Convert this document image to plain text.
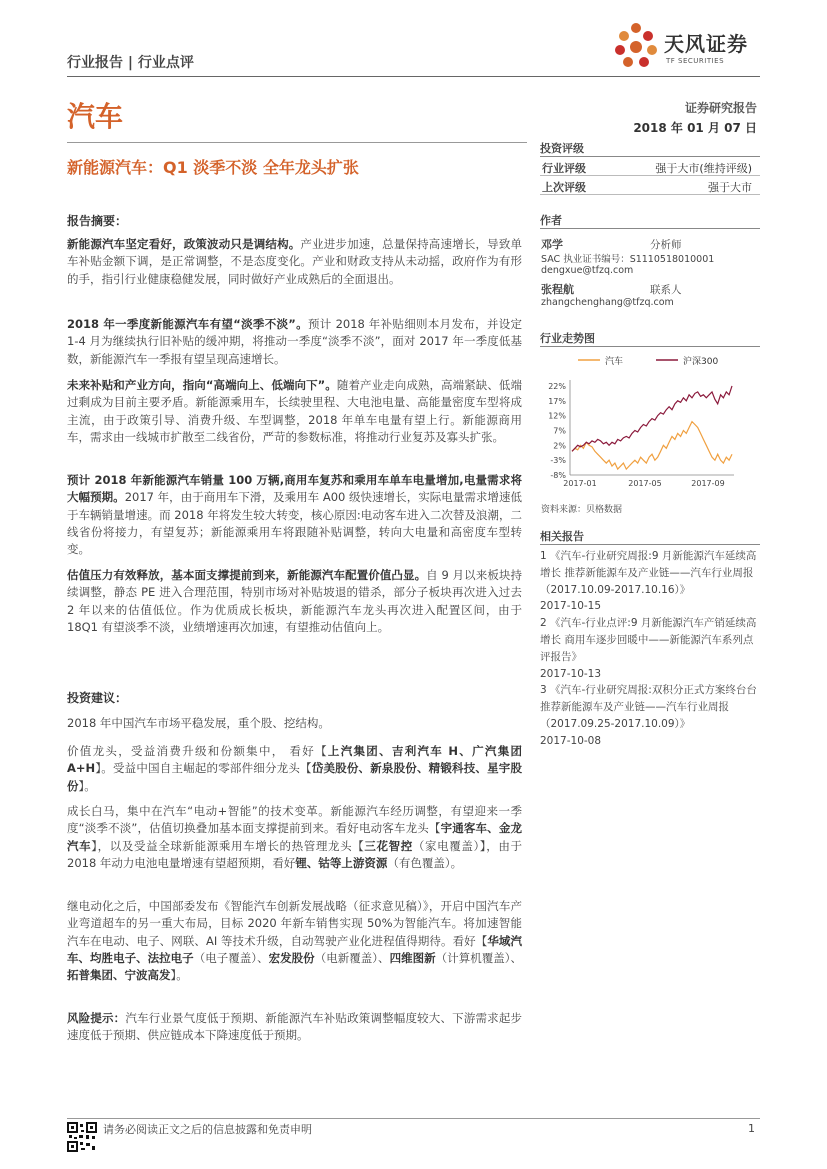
天风证券
TF SECURITIES
行业报告 | 行业点评
汽车	证券研究报告
2018 年 01 月 07 日
新能源汽车：Q1 淡季不淡 全年龙头扩张
报告摘要：
新能源汽车坚定看好，政策波动只是调结构。产业进步加速，总量保持高速增长，导致单车补贴金额下调，是正常调整，不是态度变化。产业和财政支持从未动摇，政府作为有形的手，指引行业健康稳健发展，同时做好产业成熟后的全面退出。
2018 年一季度新能源汽车有望“淡季不淡”。预计 2018 年补贴细则本月发布，并设定 1-4 月为继续执行旧补贴的缓冲期，将推动一季度“淡季不淡”，面对 2017 年一季度低基数，新能源汽车一季报有望呈现高速增长。
未来补贴和产业方向，指向“高端向上、低端向下”。随着产业走向成熟，高端紧缺、低端过剩成为目前主要矛盾。新能源乘用车，长续驶里程、大电池电量、高能量密度车型将成主流，由于政策引导、消费升级、车型调整，2018 年单车电量有望上行。新能源商用车，需求由一线城市扩散至二线省份，严苛的参数标准，将推动行业复苏及寡头扩张。
预计 2018 年新能源汽车销量 100 万辆,商用车复苏和乘用车单车电量增加,电量需求将大幅预期。2017 年，由于商用车下滑，及乘用车 A00 级快速增长，实际电量需求增速低于车辆销量增速。而 2018 年将发生较大转变，核心原因:电动客车进入二次替及浪潮，二线省份将接力，有望复苏；新能源乘用车将跟随补贴调整，转向大电量和高密度车型转变。
估值压力有效释放，基本面支撑提前到来，新能源汽车配置价值凸显。自 9 月以来板块持续调整，静态 PE 进入合理范围，特别市场对补贴坡退的错杀，部分子板块再次进入过去 2 年以来的估值低位。作为优质成长板块，新能源汽车龙头再次进入配置区间，由于 18Q1 有望淡季不淡，业绩增速再次加速，有望推动估值向上。
投资建议：
2018 年中国汽车市场平稳发展，重个股、挖结构。
价值龙头，受益消费升级和份额集中， 看好【上汽集团、吉利汽车 H、广汽集团 A+H】。受益中国自主崛起的零部件细分龙头【岱美股份、新泉股份、精锻科技、星宇股份】。
成长白马，集中在汽车“电动+智能”的技术变革。新能源汽车经历调整，有望迎来一季度“淡季不淡”，估值切换叠加基本面支撑提前到来。看好电动客车龙头【宇通客车、金龙汽车】，以及受益全球新能源乘用车增长的热管理龙头【三花智控（家电覆盖）】，由于 2018 年动力电池电量增速有望超预期，看好锂、钴等上游资源（有色覆盖）。
继电动化之后，中国部委发布《智能汽车创新发展战略（征求意见稿）》，开启中国汽车产业弯道超车的另一重大布局，目标 2020 年新车销售实现 50%为智能汽车。将加速智能汽车在电动、电子、网联、AI 等技术升级，自动驾驶产业化进程值得期待。看好【华域汽车、均胜电子、法拉电子（电子覆盖）、宏发股份（电新覆盖）、四维图新（计算机覆盖）、拓普集团、宁波高发】。
风险提示：汽车行业景气度低于预期、新能源汽车补贴政策调整幅度较大、下游需求起步速度低于预期、供应链成本下降速度低于预期。
投资评级
行业评级	强于大市(维持评级)
上次评级	强于大市
作者
邓学	分析师
SAC 执业证书编号：S1110518010001
dengxue@tfzq.com
张程航	联系人
zhangchenghang@tfzq.com
行业走势图
汽车	沪深300
22%
17%
12%
7%
2%
-3%
-8%
2017-01	2017-05	2017-09
资料来源：贝格数据
相关报告
1 《汽车-行业研究周报:9 月新能源汽车延续高增长 推荐新能源车及产业链——汽车行业周报（2017.10.09-2017.10.16）》
2017-10-15
2 《汽车-行业点评:9 月新能源汽车产销延续高增长 商用车逐步回暖中——新能源汽车系列点评报告》
2017-10-13
3 《汽车-行业研究周报:双积分正式方案终台台 推荐新能源车及产业链——汽车行业周报（2017.09.25-2017.10.09）》
2017-10-08
请务必阅读正文之后的信息披露和免责申明	1
